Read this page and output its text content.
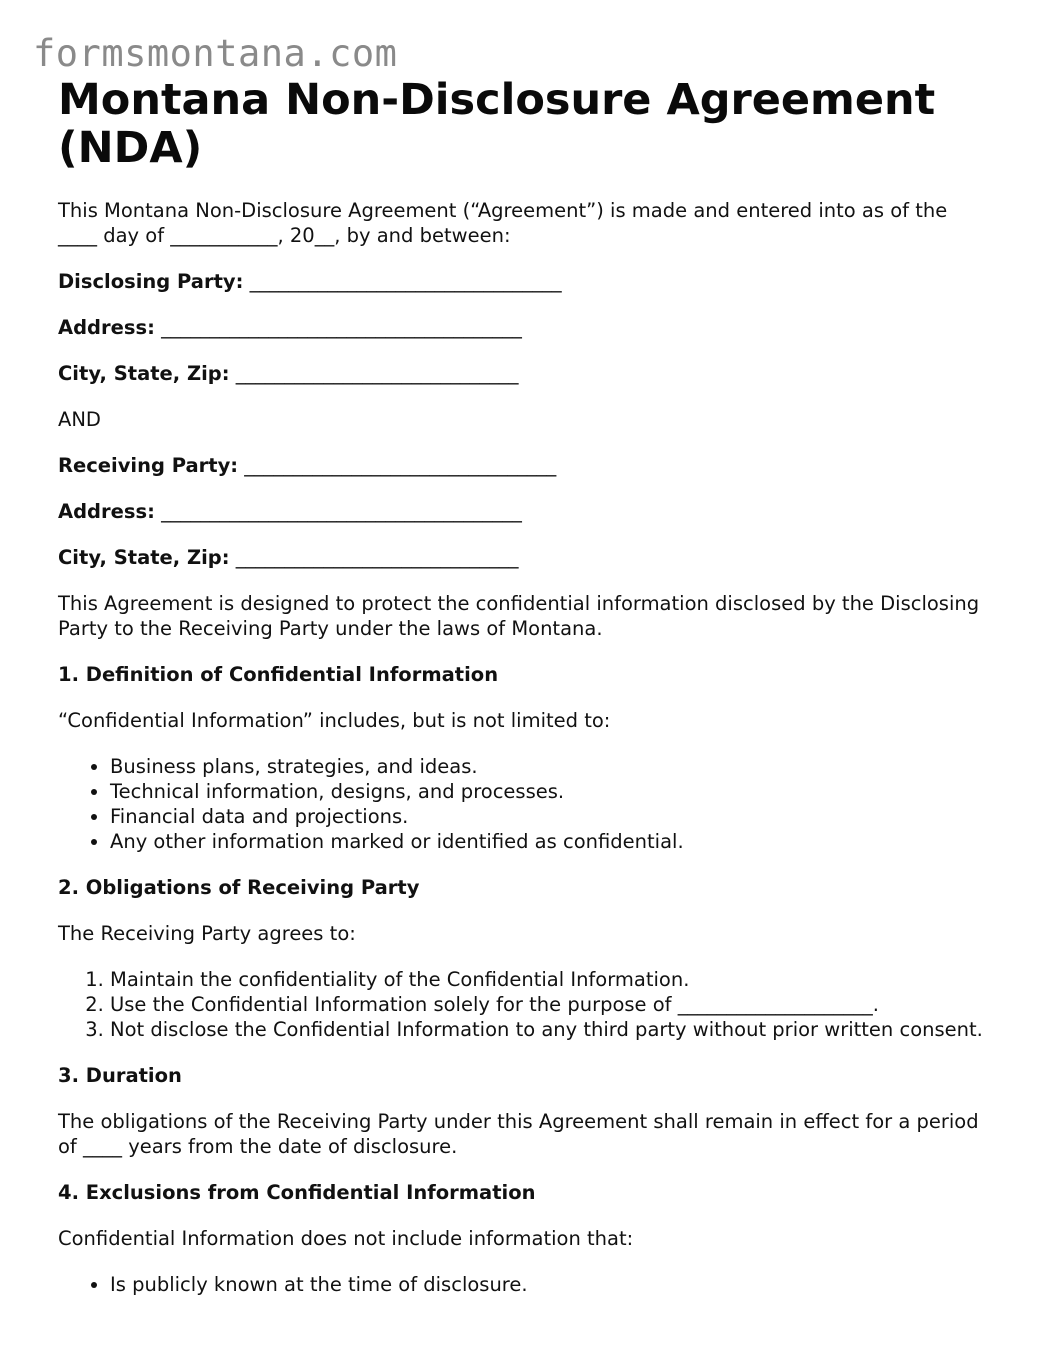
formsmontana.com
Montana Non-Disclosure Agreement (NDA)

This Montana Non-Disclosure Agreement (“Agreement”) is made and entered into as of the ____ day of ___________, 20__, by and between:

Disclosing Party: ________________________________

Address: _____________________________________

City, State, Zip: _____________________________

AND

Receiving Party: ________________________________

Address: _____________________________________

City, State, Zip: _____________________________

This Agreement is designed to protect the confidential information disclosed by the Disclosing Party to the Receiving Party under the laws of Montana.

1. Definition of Confidential Information

“Confidential Information” includes, but is not limited to:

• Business plans, strategies, and ideas.
• Technical information, designs, and processes.
• Financial data and projections.
• Any other information marked or identified as confidential.
2. Obligations of Receiving Party

The Receiving Party agrees to:

1. Maintain the confidentiality of the Confidential Information.
2. Use the Confidential Information solely for the purpose of ____________________.
3. Not disclose the Confidential Information to any third party without prior written consent.
3. Duration

The obligations of the Receiving Party under this Agreement shall remain in effect for a period of ____ years from the date of disclosure.

4. Exclusions from Confidential Information

Confidential Information does not include information that:

• Is publicly known at the time of disclosure.
